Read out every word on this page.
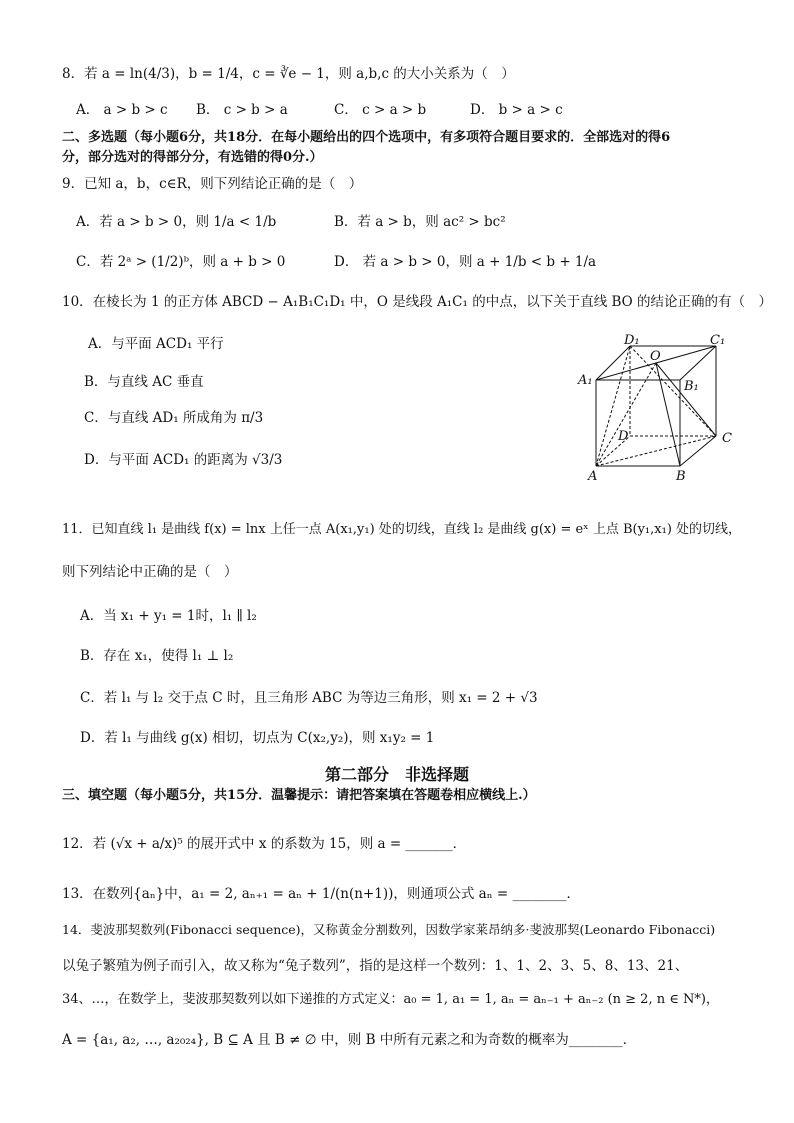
8．若 a = ln(4/3)，b = 1/4，c = ∛e − 1，则 a,b,c 的大小关系为（　）
A． a > b > c B． c > b > a	C． c > a > b	D． b > a > c
二、多选题（每小题6分，共18分．在每小题给出的四个选项中，有多项符合题目要求的．全部选对的得6
分，部分选对的得部分分，有选错的得0分.）
9．已知 a，b，c∈R，则下列结论正确的是（　）
A．若 a > b > 0，则 1/a < 1/b	B．若 a > b，则 ac² > bc²
C．若 2ᵃ > (1/2)ᵇ，则 a + b > 0	D． 若 a > b > 0，则 a + 1/b < b + 1/a
10．在棱长为 1 的正方体 ABCD − A₁B₁C₁D₁ 中，O 是线段 A₁C₁ 的中点，以下关于直线 BO 的结论正确的有（　）
A．与平面 ACD₁ 平行
B．与直线 AC 垂直
C．与直线 AD₁ 所成角为 π/3
D．与平面 ACD₁ 的距离为 √3/3
D₁
O
C₁
A₁	B₁
D	C
A	B
11．已知直线 l₁ 是曲线 f(x) = lnx 上任一点 A(x₁,y₁) 处的切线，直线 l₂ 是曲线 g(x) = eˣ 上点 B(y₁,x₁) 处的切线，
则下列结论中正确的是（　）
A．当 x₁ + y₁ = 1时，l₁ ∥ l₂
B．存在 x₁，使得 l₁ ⊥ l₂
C．若 l₁ 与 l₂ 交于点 C 时，且三角形 ABC 为等边三角形，则 x₁ = 2 + √3
D．若 l₁ 与曲线 g(x) 相切，切点为 C(x₂,y₂)，则 x₁y₂ = 1
第二部分　非选择题
三、填空题（每小题5分，共15分．温馨提示：请把答案填在答题卷相应横线上.）
12．若 (√x + a/x)⁵ 的展开式中 x 的系数为 15，则 a = _______．
13．在数列{aₙ}中，a₁ = 2, aₙ₊₁ = aₙ + 1/(n(n+1))，则通项公式 aₙ = ________．
14．斐波那契数列(Fibonacci sequence)，又称黄金分割数列，因数学家莱昂纳多·斐波那契(Leonardo Fibonacci)
以兔子繁殖为例子而引入，故又称为“兔子数列”，指的是这样一个数列：1、1、2、3、5、8、13、21、
34、…，在数学上，斐波那契数列以如下递推的方式定义：a₀ = 1, a₁ = 1, aₙ = aₙ₋₁ + aₙ₋₂ (n ≥ 2, n ∈ N*)，
A = {a₁, a₂, …, a₂₀₂₄}, B ⊆ A 且 B ≠ ∅ 中，则 B 中所有元素之和为奇数的概率为________．
